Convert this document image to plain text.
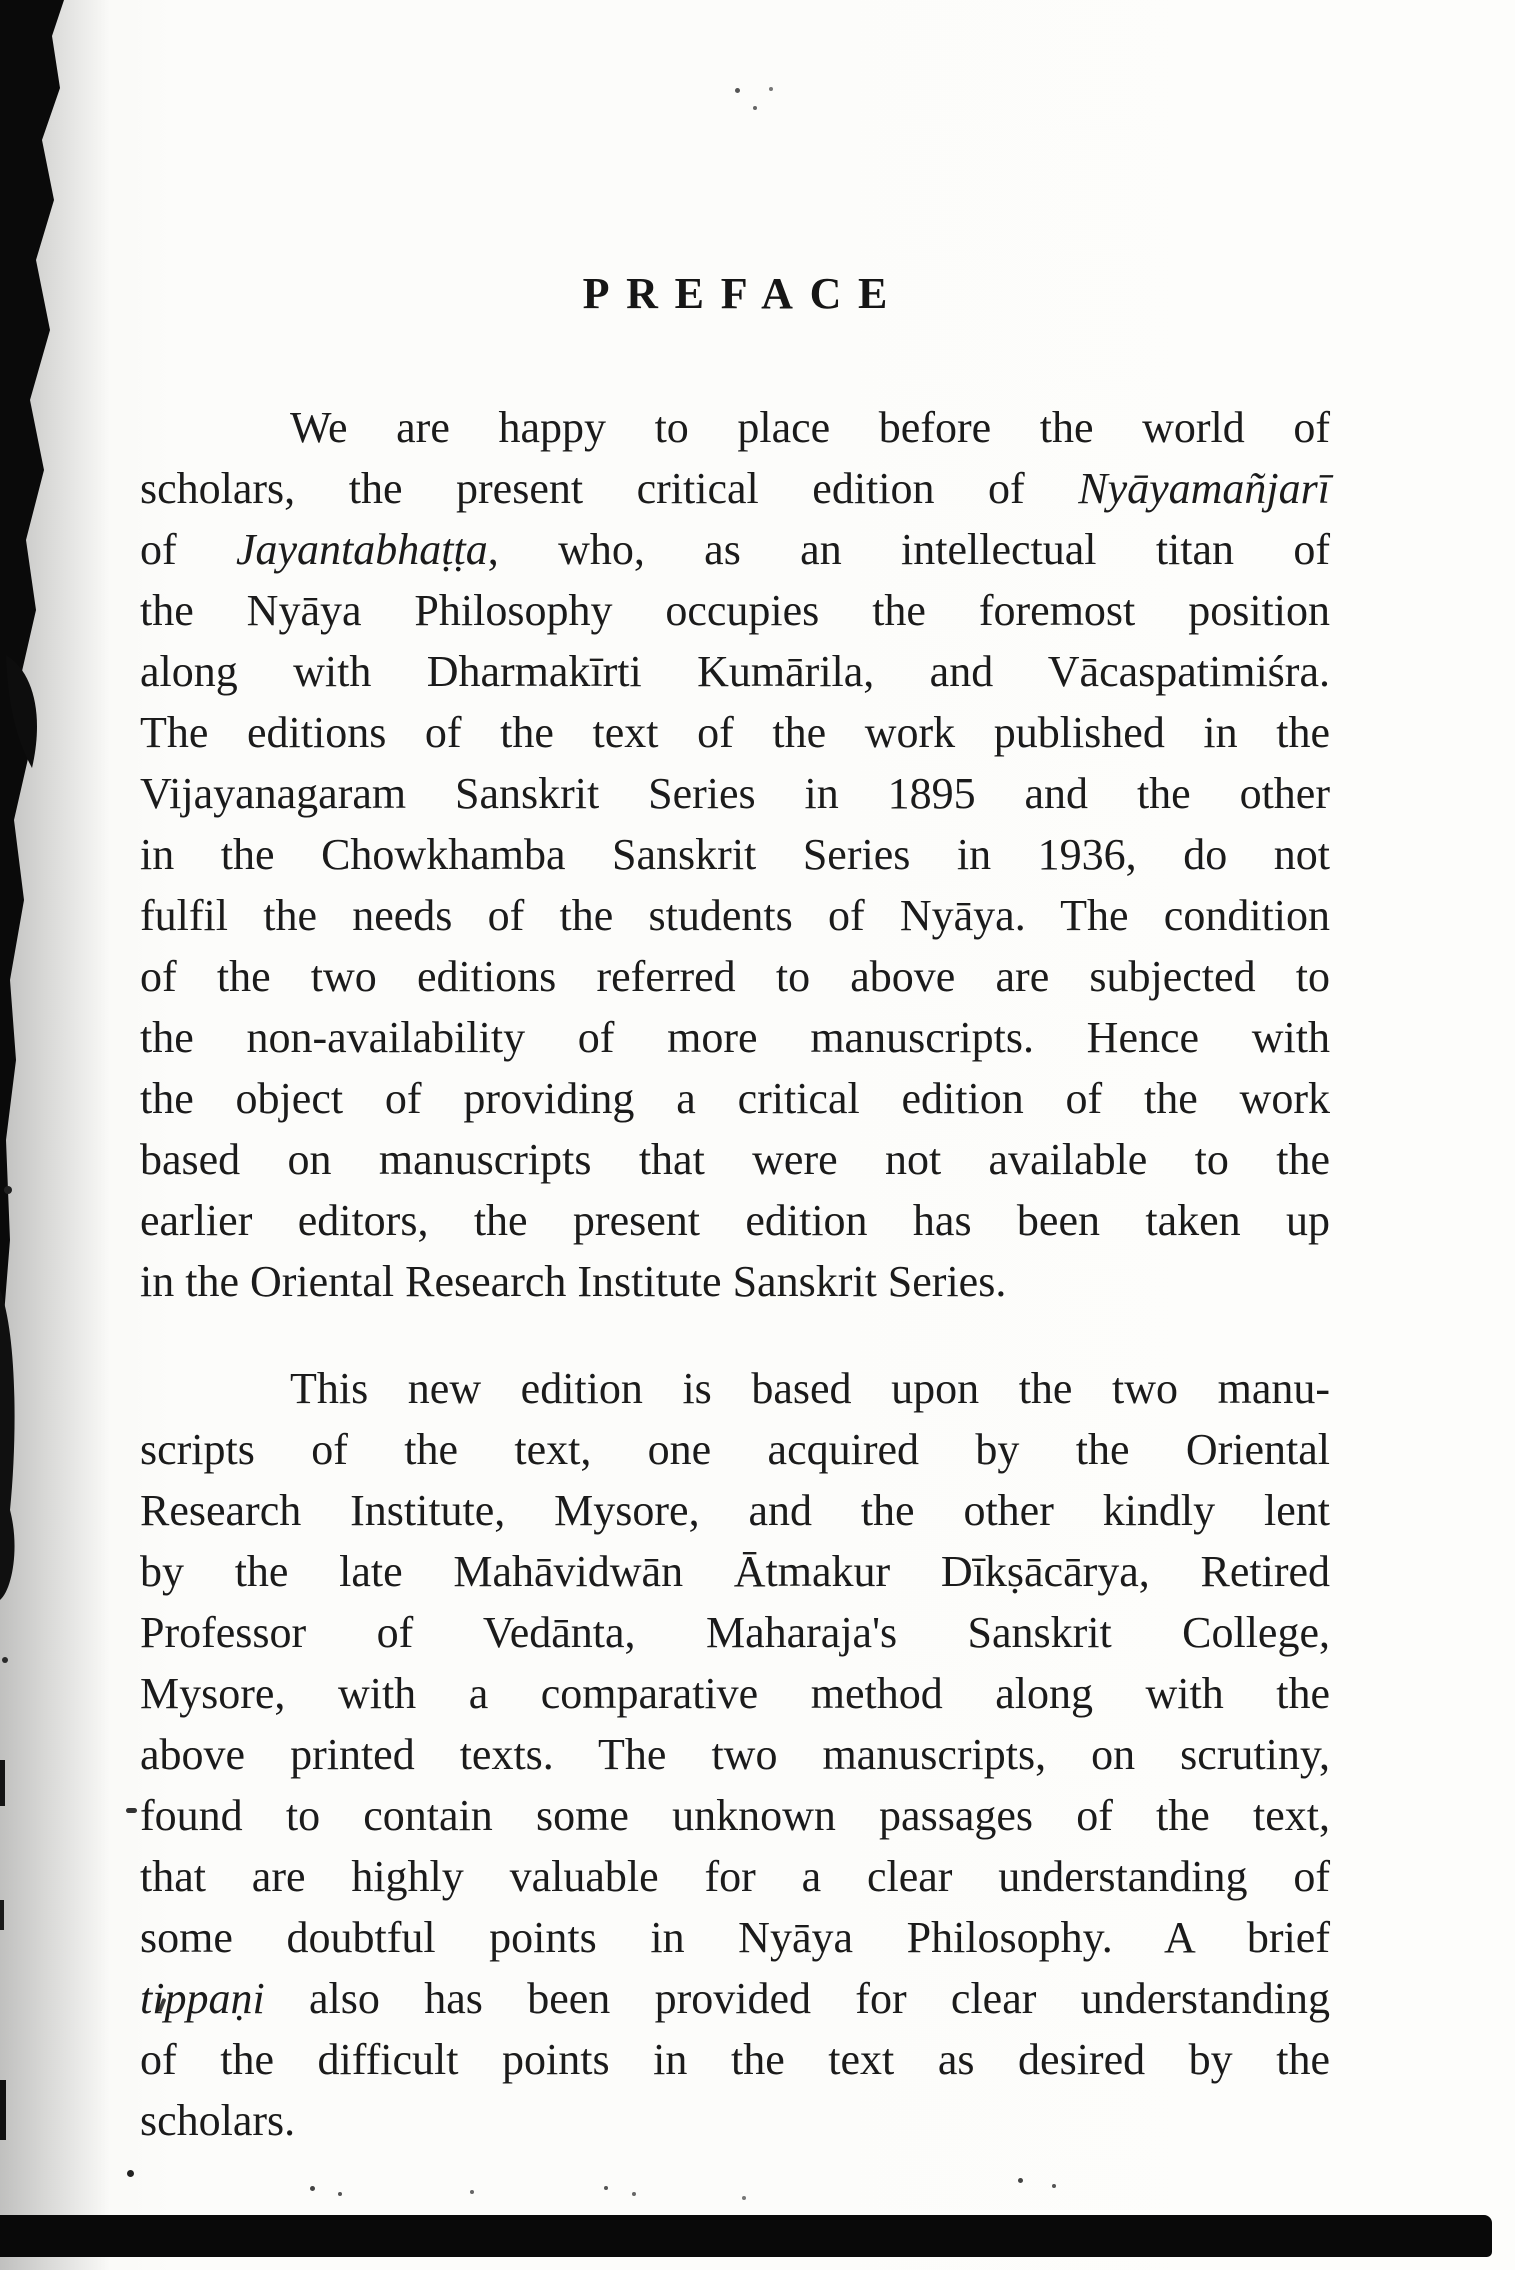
PREFACE
We are happy to place before the world of
scholars, the present critical edition of Nyāyamañjarī
of Jayantabhaṭṭa, who, as an intellectual titan of
the Nyāya Philosophy occupies the foremost position
along with Dharmakīrti Kumārila, and Vācaspatimiśra.
The editions of the text of the work published in the
Vijayanagaram Sanskrit Series in 1895 and the other
in the Chowkhamba Sanskrit Series in 1936, do not
fulfil the needs of the students of Nyāya. The condition
of the two editions referred to above are subjected to
the non-availability of more manuscripts. Hence with
the object of providing a critical edition of the work
based on manuscripts that were not available to the
earlier editors, the present edition has been taken up
in the Oriental Research Institute Sanskrit Series.
This new edition is based upon the two manu-
scripts of the text, one acquired by the Oriental
Research Institute, Mysore, and the other kindly lent
by the late Mahāvidwān Ātmakur Dīkṣācārya, Retired
Professor of Vedānta, Maharaja's Sanskrit College,
Mysore, with a comparative method along with the
above printed texts. The two manuscripts, on scrutiny,
found to contain some unknown passages of the text,
that are highly valuable for a clear understanding of
some doubtful points in Nyāya Philosophy. A brief
tippaṇi also has been provided for clear understanding
of the difficult points in the text as desired by the
scholars.
